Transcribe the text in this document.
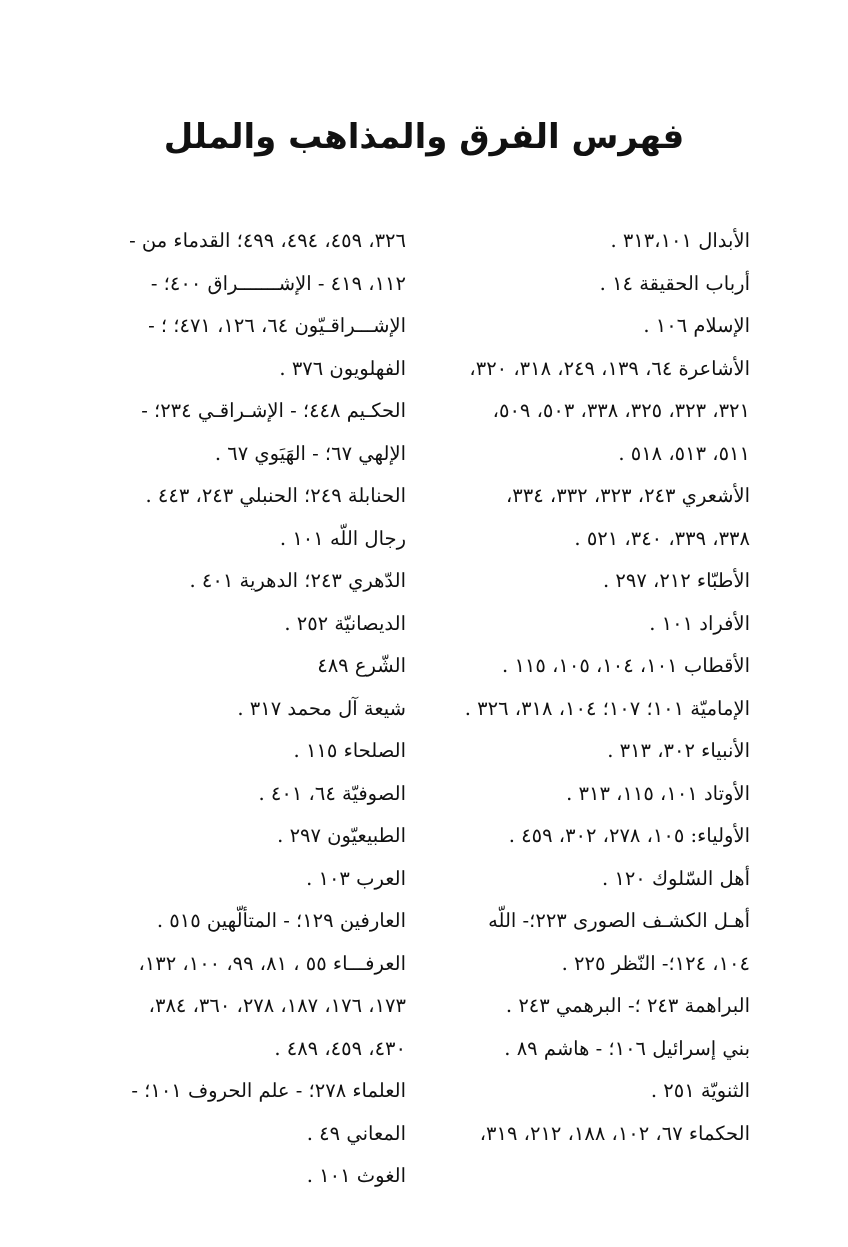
فهرس الفرق والمذاهب والملل
الأبدال ٣١٣،١٠١ .
أرباب الحقيقة ١٤ .
الإسلام ١٠٦ .
الأشاعرة ٦٤، ١٣٩، ٢٤٩، ٣١٨، ٣٢٠،
٣٢١، ٣٢٣، ٣٢٥، ٣٣٨، ٥٠٣، ٥٠٩،
٥١١، ٥١٣، ٥١٨ .
الأشعري ٢٤٣، ٣٢٣، ٣٣٢، ٣٣٤،
٣٣٨، ٣٣٩، ٣٤٠، ٥٢١ .
الأطبّاء ٢١٢، ٢٩٧ .
الأفراد ١٠١ .
الأقطاب ١٠١، ١٠٤، ١٠٥، ١١٥ .
الإماميّة ١٠١؛ ١٠٧؛ ١٠٤، ٣١٨، ٣٢٦ .
الأنبياء ٣٠٢، ٣١٣ .
الأوتاد ١٠١، ١١٥، ٣١٣ .
الأولياء: ١٠٥، ٢٧٨، ٣٠٢، ٤٥٩ .
أهل السّلوك ١٢٠ .
أهـل الكشـف الصورى ٢٢٣؛- اللّه
١٠٤، ١٢٤؛- النّظر ٢٢٥ .
البراهمة ٢٤٣ ؛- البرهمي ٢٤٣ .
بني إسرائيل ١٠٦؛ - هاشم ٨٩ .
الثنويّة ٢٥١ .
الحكماء ٦٧، ١٠٢، ١٨٨، ٢١٢، ٣١٩،
٣٢٦، ٤٥٩، ٤٩٤، ٤٩٩؛ القدماء من -
١١٢، ٤١٩ - الإشـــــــراق ٤٠٠؛ -
الإشـــراقـيّون ٦٤، ١٢٦، ٤٧١؛ ؛ -
الفهلويون ٣٧٦ .
الحكـيم ٤٤٨؛ - الإشـراقـي ٢٣٤؛ -
الإلهي ٦٧؛ - الهَيَوي ٦٧ .
الحنابلة ٢٤٩؛ الحنبلي ٢٤٣، ٤٤٣ .
رجال اللّه ١٠١ .
الدّهري ٢٤٣؛ الدهرية ٤٠١ .
الديصانيّة ٢٥٢ .
الشّرع ٤٨٩
شيعة آل محمد ٣١٧ .
الصلحاء ١١٥ .
الصوفيّة ٦٤، ٤٠١ .
الطبيعيّون ٢٩٧ .
العرب ١٠٣ .
العارفين ١٢٩؛ - المتألّهين ٥١٥ .
العرفـــاء ٥٥ ، ٨١، ٩٩، ١٠٠، ١٣٢،
١٧٣، ١٧٦، ١٨٧، ٢٧٨، ٣٦٠، ٣٨٤،
٤٣٠، ٤٥٩، ٤٨٩ .
العلماء ٢٧٨؛ - علم الحروف ١٠١؛ -
المعاني ٤٩ .
الغوث ١٠١ .
